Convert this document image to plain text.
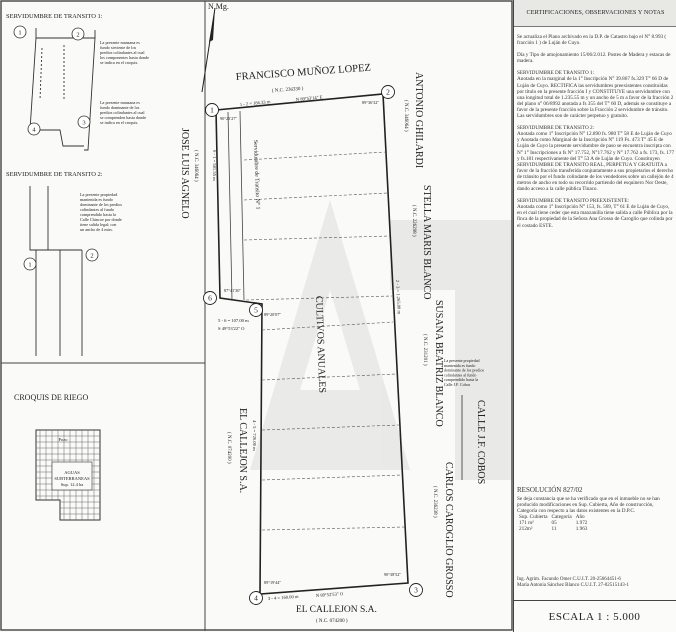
SERVIDUMBRE DE TRANSITO 1:
1	2
4
3
La presente manzana es
fundo sirviente de los
predios colindantes al cual
los componentes hasta donde
se indica en el croquis.
La presente manzana es
fundo dominante de los
predios colindantes al cual
se comprenden hasta donde
se indica en el croquis.
SERVIDUMBRE DE TRANSITO 2:
1
2
La presente propiedad
mantenida es fundo
dominante de los predios
colindantes al fundo
comprendido hasta la
Calle Chincoe por donde
tiene salida legal; con
un ancho de 4 mtrs.
CROQUIS DE RIEGO
AGUAS
SUBTERRANEAS
Sup. 12.4 ha
Pozo
N.Mg.
1
2
3
4
5
6
1 - 2 = 186.33 m
N 89°53'14" E
2 - 3 = 1.265.00 m
3 - 4 = 160.00 m	N 89°52'53" O
4 - 5 = 726.00 m
5 - 6 = 107.00 m
S 49°53'22" O
6 - 1 = 581.55 m
90°23'27"
89°36'32"
90°38'52"
89°19'44"
89°20'07"
87°41'30"
FRANCISCO MUÑOZ LOPEZ
( N.C. 236330 )
JOSE LUIS AGNELO ( N.C. 346064 )	ANTONIO GHILARDI
( N.C. 346064 )
STELLA MARIS BLANCO
( N.C. 226298 )
SUSANA BEATRIZ BLANCO
( N.C. 231201 )
CARLOS CAROGLIO GROSSO
( N.C. 236238 )
CALLE J.F. COBOS
EL CALLEJON S.A.
( N.C. 074200 )
EL CALLEJON S.A.
( N.C. 074200 )
CULTIVOS ANUALES
Servidumbre de Transito N° 1
La presente propiedad
mantenida es fundo
dominante de los predios
colindantes al fundo
comprendido hasta la
Calle J.F. Cobos
CERTIFICACIONES, OBSERVACIONES Y NOTAS

Se actualiza el Plano archivado en la D.P. de Catastro bajo el N° 8.993 ( fracción 1 ) de Luján de Cuyo.

Día y Tipo de amojonamiento 15/06/2.012. Postes de Madera y estacas de madera.

SERVIDUMBRE DE TRANSITO 1:

Anotada en la marginal de la 1° Inscripción N° 39.867 fs.329 T° 66 D de Luján de Cuyo. RECTIFICA las servidumbres preexistentes constituidas por título en la presente fracción I y CONSTITUYE una servidumbre con una longitud total de 1.235.55 m y un ancho de 5 m a favor de la fracción 2 del plano n° 06/8992 anotada a fs 355 del T° 60 D, además se constituye a favor de la presente fracción sobre la Fracción 2 servidumbre de tránsito. Las servidumbres son de carácter perpetuo y gratuito.

SERVIDUMBRE DE TRANSITO 2:

Anotada como 1° Inscripción N° 12.890 fs. 980 T° 58 E de Luján de Cuyo y Anotada como Marginal de la Inscripción N° 119 Fs. 473 T° 45 E de Luján de Cuyo la presente servidumbre de paso se encuentra inscripta con N° 1° Inscripciones a fs N° 17.752, N°17.762 y N° 17.762 a fs. 173, fs. 177 y fs.181 respectivamente del T° 53 A de Luján de Cuyo. Constituyen SERVIDUMBRE DE TRANSITO REAL, PERPETUA Y GRATUITA a favor de la fracción transferida conjuntamente a sus propietarios el derecho de tránsito por el fundo colindante de los vendedores sobre un callejón de 4 metros de ancho en todo su recorrido partiendo del esquinero Nor Oeste, dando acceso a la calle pública Tinaco.

SERVIDUMBRE DE TRANSITO PREEXISTENTE:

Anotada como 1° Inscripción N° 153, fs. 569, T° 61 E de Luján de Cuyo, en el cual tiene ceder que esta manzanilla tiene salida a calle Pública por la finca de la propiedad de la Señora Ana Grosso de Caroglio que colinda por el costado ESTE.

RESOLUCIÓN 827/02
Se deja constancia que se ha verificado que en el inmueble no se han producido modificaciones en Sup. Cubierta, Año de construcción, Categoría con respecto a las datos existentes en la D.P.C.
Sup. Cubierta	Categoría	Año
171 m²	05	1.972
212m²	11	1.963
Ing. Agrim. Facundo Omer C.U.I.T. 20-25664451-6
María Antonia Sánchez Blanco C.U.I.T. 27-02515143-1
ESCALA 1 : 5.000
